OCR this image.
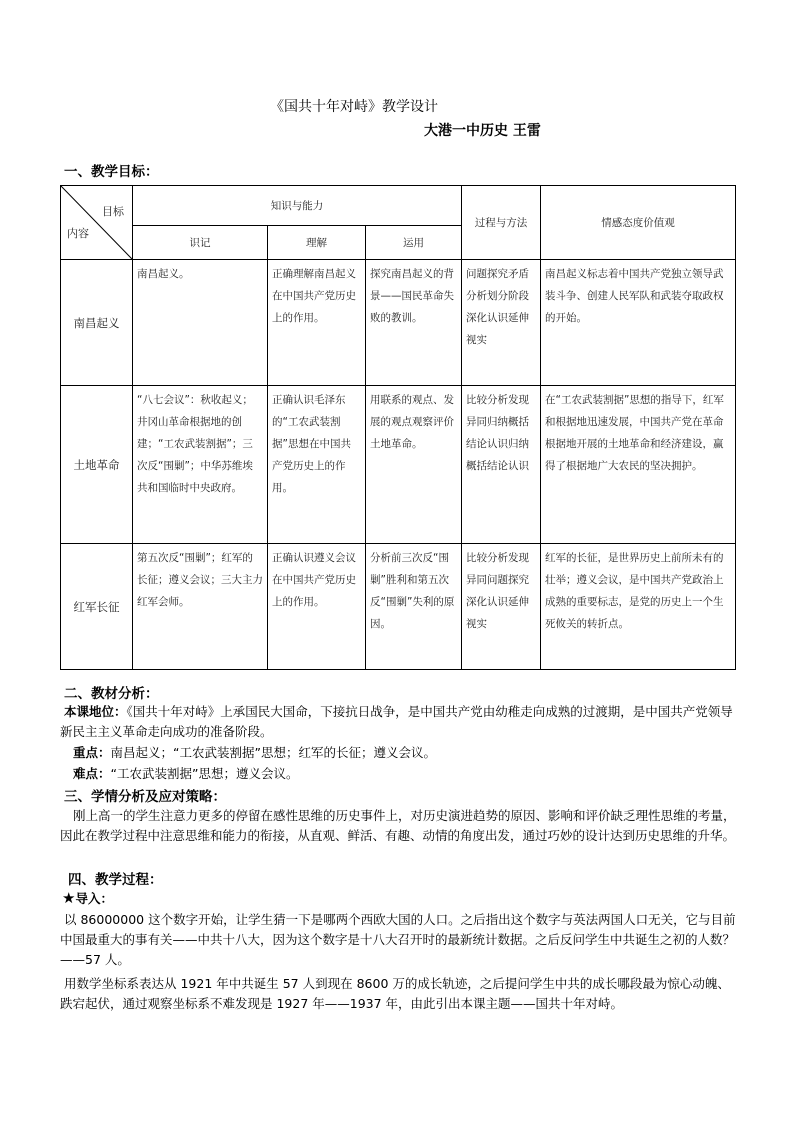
《国共十年对峙》教学设计
大港一中历史 王雷
一、教学目标：
目标
内容	知识与能力			过程与方法	情感态度价值观
	识记	理解	运用		
南昌起义	南昌起义。	正确理解南昌起义在中国共产党历史上的作用。	探究南昌起义的背景——国民革命失败的教训。	问题探究矛盾分析划分阶段深化认识延伸视实	南昌起义标志着中国共产党独立领导武装斗争、创建人民军队和武装夺取政权的开始。
土地革命	“八七会议”：秋收起义；井冈山革命根据地的创建；“工农武装割据”；三次反“围剿”；中华苏维埃共和国临时中央政府。	正确认识毛泽东的“工农武装割据”思想在中国共产党历史上的作用。	用联系的观点、发展的观点观察评价土地革命。	比较分析发现异同归纳概括结论认识归纳概括结论认识	在“工农武装割据”思想的指导下，红军和根据地迅速发展，中国共产党在革命根据地开展的土地革命和经济建设，赢得了根据地广大农民的坚决拥护。
红军长征	第五次反“围剿”；红军的长征；遵义会议；三大主力红军会师。	正确认识遵义会议在中国共产党历史上的作用。	分析前三次反“围剿”胜利和第五次反“围剿”失利的原因。	比较分析发现异同问题探究深化认识延伸视实	红军的长征，是世界历史上前所未有的壮举；遵义会议，是中国共产党政治上成熟的重要标志，是党的历史上一个生死攸关的转折点。
二、教材分析：
本课地位：《国共十年对峙》上承国民大国命，下接抗日战争，是中国共产党由幼稚走向成熟的过渡期，是中国共产党领导新民主主义革命走向成功的准备阶段。
重点：南昌起义；“工农武装割据”思想；红军的长征；遵义会议。
难点：“工农武装割据”思想；遵义会议。
三、学情分析及应对策略：
刚上高一的学生注意力更多的停留在感性思维的历史事件上，对历史演进趋势的原因、影响和评价缺乏理性思维的考量，因此在教学过程中注意思维和能力的衔接，从直观、鲜活、有趣、动情的角度出发，通过巧妙的设计达到历史思维的升华。
四、教学过程：
★导入：
以 86000000 这个数字开始，让学生猜一下是哪两个西欧大国的人口。之后指出这个数字与英法两国人口无关，它与目前中国最重大的事有关——中共十八大，因为这个数字是十八大召开时的最新统计数据。之后反问学生中共诞生之初的人数？——57 人。
用数学坐标系表达从 1921 年中共诞生 57 人到现在 8600 万的成长轨迹，之后提问学生中共的成长哪段最为惊心动魄、跌宕起伏，通过观察坐标系不难发现是 1927 年——1937 年，由此引出本课主题——国共十年对峙。
